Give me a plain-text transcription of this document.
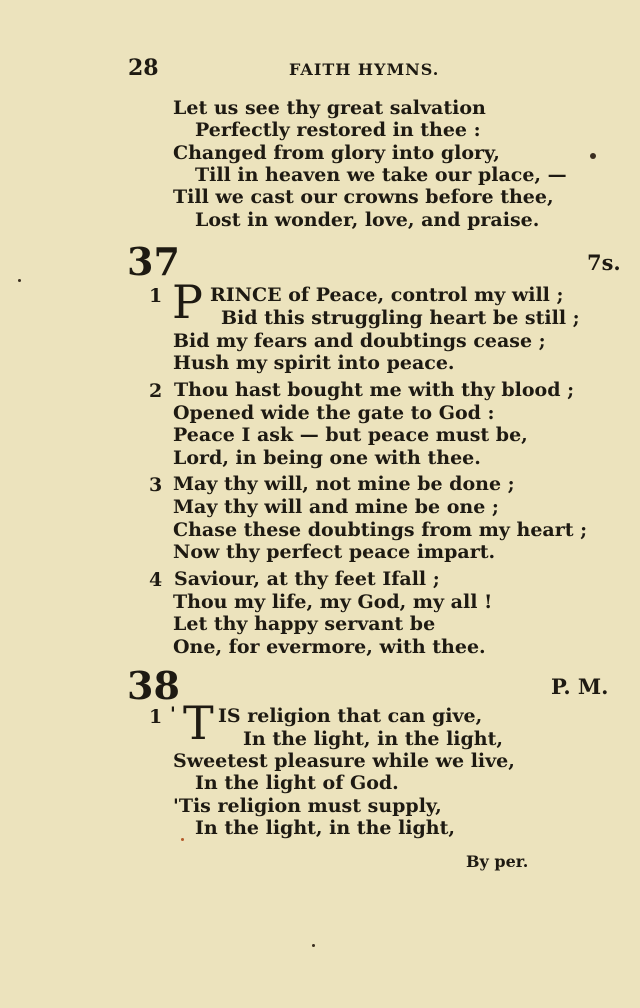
28	FAITH HYMNS.
Let us see thy great salvation
Perfectly restored in thee :
Changed from glory into glory,
Till in heaven we take our place, —
Till we cast our crowns before thee,
Lost in wonder, love, and praise.
37	7s.
1 P RINCE of Peace, control my will ;
Bid this struggling heart be still ;
Bid my fears and doubtings cease ;
Hush my spirit into peace.
2 Thou hast bought me with thy blood ;
Opened wide the gate to God :
Peace I ask — but peace must be,
Lord, in being one with thee.
3 May thy will, not mine be done ;
May thy will and mine be one ;
Chase these doubtings from my heart ;
Now thy perfect peace impart.
4 Saviour, at thy feet Ifall ;
Thou my life, my God, my all !
Let thy happy servant be
One, for evermore, with thee.
38	P. M.
1 ' T IS religion that can give,
In the light, in the light,
Sweetest pleasure while we live,
In the light of God.
'Tis religion must supply,
In the light, in the light,
By per.
